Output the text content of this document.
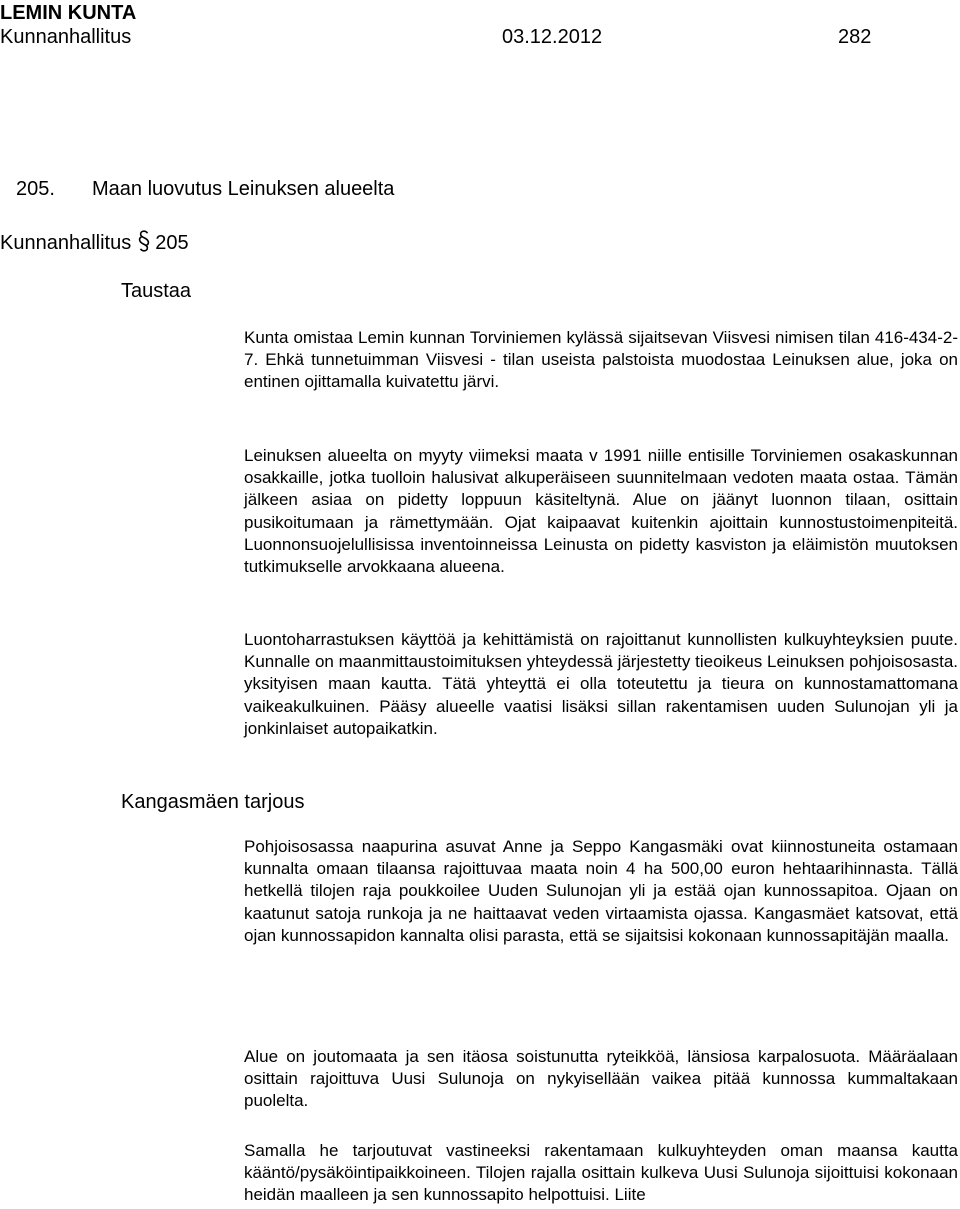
LEMIN KUNTA
Kunnanhallitus	03.12.2012	282
205. Maan luovutus Leinuksen alueelta
Kunnanhallitus 205
Taustaa

Kunta omistaa Lemin kunnan Torviniemen kylässä sijaitsevan Viisvesi nimisen tilan 416-434-2-7. Ehkä tunnetuimman Viisvesi - tilan useista palstoista muodostaa Leinuksen alue, joka on entinen ojittamalla kuivatettu järvi.

Leinuksen alueelta on myyty viimeksi maata v 1991 niille entisille Torviniemen osakaskunnan osakkaille, jotka tuolloin halusivat alkuperäiseen suunnitelmaan vedoten maata ostaa. Tämän jälkeen asiaa on pidetty loppuun käsiteltynä. Alue on jäänyt luonnon tilaan, osittain pusikoitumaan ja rämettymään. Ojat kaipaavat kuitenkin ajoittain kunnostustoimenpiteitä. Luonnonsuojelullisissa inventoinneissa Leinusta on pidetty kasviston ja eläimistön muutoksen tutkimukselle arvokkaana alueena.

Luontoharrastuksen käyttöä ja kehittämistä on rajoittanut kunnollisten kulkuyhteyksien puute. Kunnalle on maanmittaustoimituksen yhteydessä järjestetty tieoikeus Leinuksen pohjoisosasta. yksityisen maan kautta. Tätä yhteyttä ei olla toteutettu ja tieura on kunnostamattomana vaikeakulkuinen. Pääsy alueelle vaatisi lisäksi sillan rakentamisen uuden Sulunojan yli ja jonkinlaiset autopaikatkin.

Kangasmäen tarjous

Pohjoisosassa naapurina asuvat Anne ja Seppo Kangasmäki ovat kiinnostuneita ostamaan kunnalta omaan tilaansa rajoittuvaa maata noin 4 ha 500,00 euron hehtaarihinnasta. Tällä hetkellä tilojen raja poukkoilee Uuden Sulunojan yli ja estää ojan kunnossapitoa. Ojaan on kaatunut satoja runkoja ja ne haittaavat veden virtaamista ojassa. Kangasmäet katsovat, että ojan kunnossapidon kannalta olisi parasta, että se sijaitsisi kokonaan kunnossapitäjän maalla.

Alue on joutomaata ja sen itäosa soistunutta ryteikköä, länsiosa karpalosuota. Määräalaan osittain rajoittuva Uusi Sulunoja on nykyisellään vaikea pitää kunnossa kummaltakaan puolelta.

Samalla he tarjoutuvat vastineeksi rakentamaan kulkuyhteyden oman maansa kautta kääntö/pysäköintipaikkoineen. Tilojen rajalla osittain kulkeva Uusi Sulunoja sijoittuisi kokonaan heidän maalleen ja sen kunnossapito helpottuisi. Liite
